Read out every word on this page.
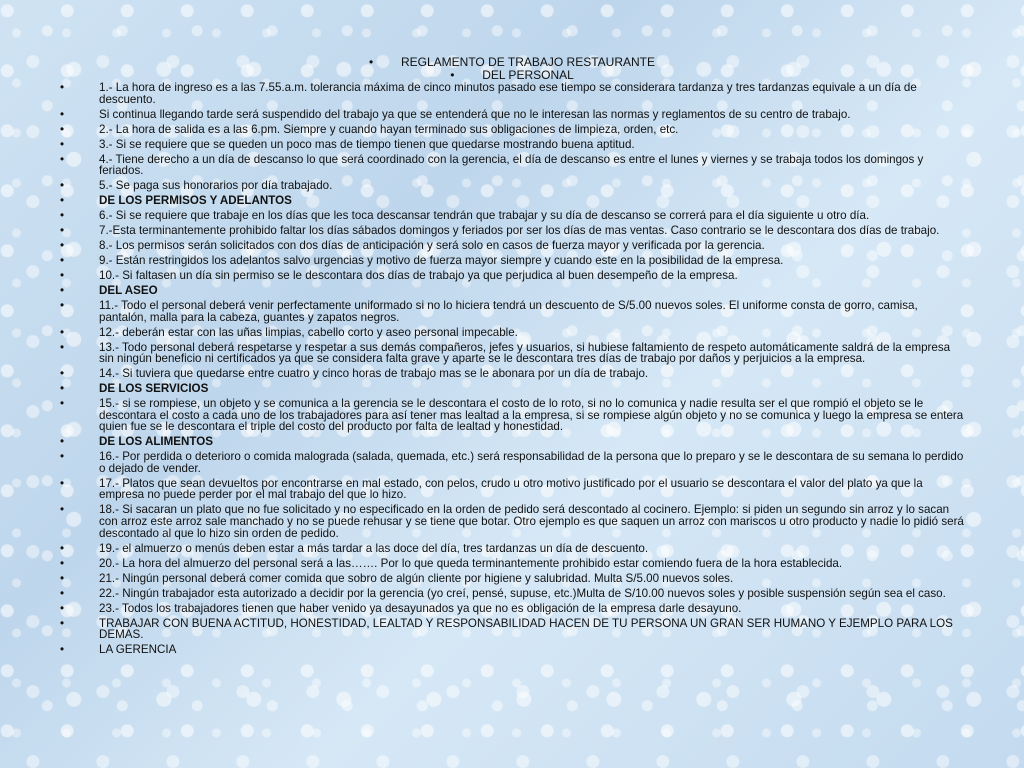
• REGLAMENTO DE TRABAJO RESTAURANTE
• DEL PERSONAL
•	1.- La hora de ingreso es a las 7.55.a.m. tolerancia máxima de cinco minutos pasado ese tiempo se considerara tardanza y tres tardanzas equivale a un día de descuento.
•	Si continua llegando tarde será suspendido del trabajo ya que se entenderá que no le interesan las normas y reglamentos de su centro de trabajo.
•	2.- La hora de salida es a las 6.pm. Siempre y cuando hayan terminado sus obligaciones de limpieza, orden, etc.
•	3.- Si se requiere que se queden un poco mas de tiempo tienen que quedarse mostrando buena aptitud.
•	4.- Tiene derecho a un día de descanso lo que será coordinado con la gerencia, el día de descanso es entre el lunes y viernes y se trabaja todos los domingos y feriados.
•	5.- Se paga sus honorarios por día trabajado.
•	DE LOS PERMISOS Y ADELANTOS
•	6.- Si se requiere que trabaje en los días que les toca descansar tendrán que trabajar y su día de descanso se correrá para el día siguiente u otro día.
•	7.-Esta terminantemente prohibido faltar los días sábados domingos y feriados por ser los días de mas ventas. Caso contrario se le descontara dos días de trabajo.
•	8.- Los permisos serán solicitados con dos días de anticipación y será solo en casos de fuerza mayor y verificada por la gerencia.
•	9.- Están restringidos los adelantos salvo urgencias y motivo de fuerza mayor siempre y cuando este en la posibilidad de la empresa.
•	10.- Si faltasen un día sin permiso se le descontara dos días de trabajo ya que perjudica al buen desempeño de la empresa.
•	DEL ASEO
•	11.- Todo el personal deberá venir perfectamente uniformado si no lo hiciera tendrá un descuento de S/5.00 nuevos soles. El uniforme consta de gorro, camisa, pantalón, malla para la cabeza, guantes y zapatos negros.
•	12.- deberán estar con las uñas limpias, cabello corto y aseo personal impecable.
•	13.- Todo personal deberá respetarse y respetar a sus demás compañeros, jefes y usuarios, si hubiese faltamiento de respeto automáticamente saldrá de la empresa sin ningún beneficio ni certificados ya que se considera falta grave y aparte se le descontara tres días de trabajo por daños y perjuicios a la empresa.
•	14.- Si tuviera que quedarse entre cuatro y cinco horas de trabajo mas se le abonara por un día de trabajo.
•	DE LOS SERVICIOS
•	15.- si se rompiese, un objeto y se comunica a la gerencia se le descontara el costo de lo roto, si no lo comunica y nadie resulta ser el que rompió el objeto se le descontara el costo a cada uno de los trabajadores para así tener mas lealtad a la empresa, si se rompiese algún objeto y no se comunica y luego la empresa se entera quien fue se le descontara el triple del costo del producto por falta de lealtad y honestidad.
•	DE LOS ALIMENTOS
•	16.- Por perdida o deterioro o comida malograda (salada, quemada, etc.) será responsabilidad de la persona que lo preparo y se le descontara de su semana lo perdido o dejado de vender.
•	17.- Platos que sean devueltos por encontrarse en mal estado, con pelos, crudo u otro motivo justificado por el usuario se descontara el valor del plato ya que la empresa no puede perder por el mal trabajo del que lo hizo.
•	18.- Si sacaran un plato que no fue solicitado y no especificado en la orden de pedido será descontado al cocinero. Ejemplo: si piden un segundo sin arroz y lo sacan con arroz este arroz sale manchado y no se puede rehusar y se tiene que botar. Otro ejemplo es que saquen un arroz con mariscos u otro producto y nadie lo pidió será descontado al que lo hizo sin orden de pedido.
•	19.- el almuerzo o menús deben estar a más tardar a las doce del día, tres tardanzas un día de descuento.
•	20.- La hora del almuerzo del personal será a las……. Por lo que queda terminantemente prohibido estar comiendo fuera de la hora establecida.
•	21.- Ningún personal deberá comer comida que sobro de algún cliente por higiene y salubridad. Multa S/5.00 nuevos soles.
•	22.- Ningún trabajador esta autorizado a decidir por la gerencia (yo creí, pensé, supuse, etc.)Multa de S/10.00 nuevos soles y posible suspensión según sea el caso.
•	23.- Todos los trabajadores tienen que haber venido ya desayunados ya que no es obligación de la empresa darle desayuno.
•	TRABAJAR CON BUENA ACTITUD, HONESTIDAD, LEALTAD Y RESPONSABILIDAD HACEN DE TU PERSONA UN GRAN SER HUMANO Y EJEMPLO PARA LOS DEMAS.
•	LA GERENCIA
